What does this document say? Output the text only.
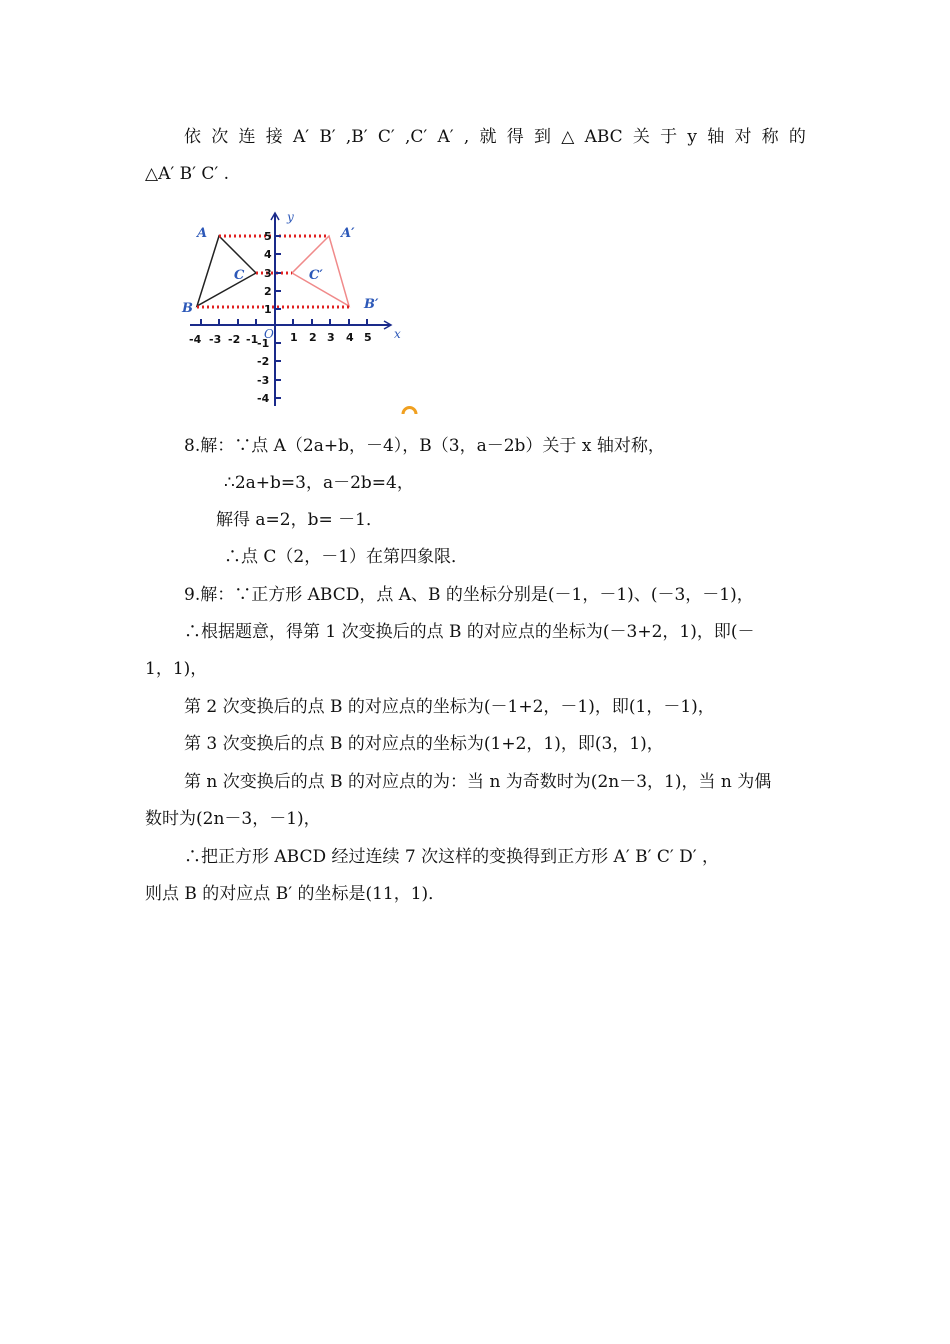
依 次 连 接 A′ B′ ,B′ C′ ,C′ A′ , 就 得 到 △ ABC 关 于 y 轴 对 称 的
△A′ B′ C′ .
-4 -3 -2 -1	1 2 3 4 5
5
4
3
2
1
-1
-2
-3
-4
O	x
y
A
B
C
A′
B′
C′
8.解：∵点 A（2a+b，－4），B（3，a－2b）关于 x 轴对称，
∴2a+b=3，a－2b=4，
解得 a=2，b= －1．
∴点 C（2，－1）在第四象限．
9.解：∵正方形 ABCD，点 A、B 的坐标分别是(－1，－1)、(－3，－1)，
∴根据题意，得第 1 次变换后的点 B 的对应点的坐标为(－3+2，1)，即(－
1，1)，
第 2 次变换后的点 B 的对应点的坐标为(－1+2，－1)，即(1，－1)，
第 3 次变换后的点 B 的对应点的坐标为(1+2，1)，即(3，1)，
第 n 次变换后的点 B 的对应点的为：当 n 为奇数时为(2n－3，1)，当 n 为偶
数时为(2n－3，－1)，
∴把正方形 ABCD 经过连续 7 次这样的变换得到正方形 A′ B′ C′ D′ ，
则点 B 的对应点 B′ 的坐标是(11，1)．
